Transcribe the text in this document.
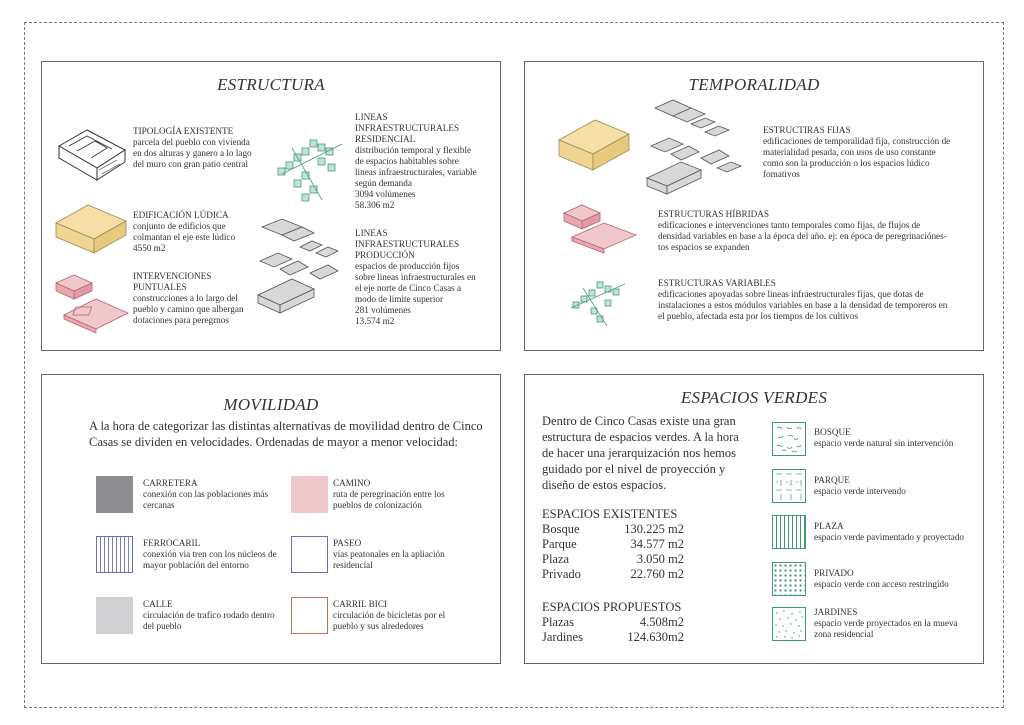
ESTRUCTURA
TIPOLOGÍA EXISTENTE
parcela del pueblo con vivienda
en dos alturas y ganero a lo lago
del muro con gran patio central
EDIFICACIÓN LÚDICA
conjunto de edificios que
colmantan el eje este lúdico
4550 m2
INTERVENCIONES
PUNTUALES
construcciones a lo largo del
pueblo y camino que albergan
dotaciones para peregrnos
LINEAS
INFRAESTRUCTURALES
RESIDENCIAL
distribución temporal y flexible
de espacios habitables sobre
lineas infraestructurales, variable
según demanda
3094 volúmenes
58.306 m2
LINEAS
INFRAESTRUCTURALES
PRODUCCIÓN
espacios de producción fijos
sobre lineas infraestructurales en
el eje norte de Cinco Casas a
modo de límite superior
281 volúmenes
13.574 m2
TEMPORALIDAD
ESTRUCTIRAS FIJAS
edificaciones de temporalidad fija, construcción de
materialidad pesada, con usos de uso constante
como son la producción o los espacios lúdico
fomativos
ESTRUCTURAS HÍBRIDAS
edificaciones e intervenciones tanto temporales como fijas, de flujos de
densidad variables en base a la época del año. ej: en época de peregrinaciónes-
tos espacios se expanden
ESTRUCTURAS VARIABLES
edificaciones apoyadas sobre lineas infraestructurales fijas, que dotas de
instalaciones a estos módulos variables en base a la densidad de temporeros en
el pueblo, afectada esta por los tiempos de los cultivos
MOVILIDAD
A la hora de categorizar las distintas alternativas de movilidad dentro de Cinco
Casas se dividen en velocidades. Ordenadas de mayor a menor velocidad:
CARRETERA
conexión con las poblaciones más
cercanas
FERROCARIL
conexión via tren con los núcleos de
mayor población del entorno
CALLE
circulación de trafico rodado dentro
del pueblo
CAMINO
ruta de peregrinación entre los
pueblos de colonización
PASEO
vías peatonales en la apliación
residencial
CARRIL BICI
circulación de bicicletas por el
pueblo y sus alrededores
ESPACIOS VERDES
Dentro de Cinco Casas existe una gran
estructura de espacios verdes. A la hora
de hacer una jerarquización nos hemos
guidado por el nivel de proyección y
diseño de estos espacios.
ESPACIOS EXISTENTES
Bosque	130.225 m2
Parque	34.577 m2
Plaza	3.050 m2
Privado	22.760 m2
ESPACIOS PROPUESTOS
Plazas	4.508m2
Jardines	124.630m2
BOSQUE
espacio verde natural sin intervención
PARQUE
espacio verde intervendo
PLAZA
espacio verde pavimentado y proyectado
PRIVADO
espacio verde con acceso restringido
JARDINES
espacio verde proyectados en la mueva
zona residencial
